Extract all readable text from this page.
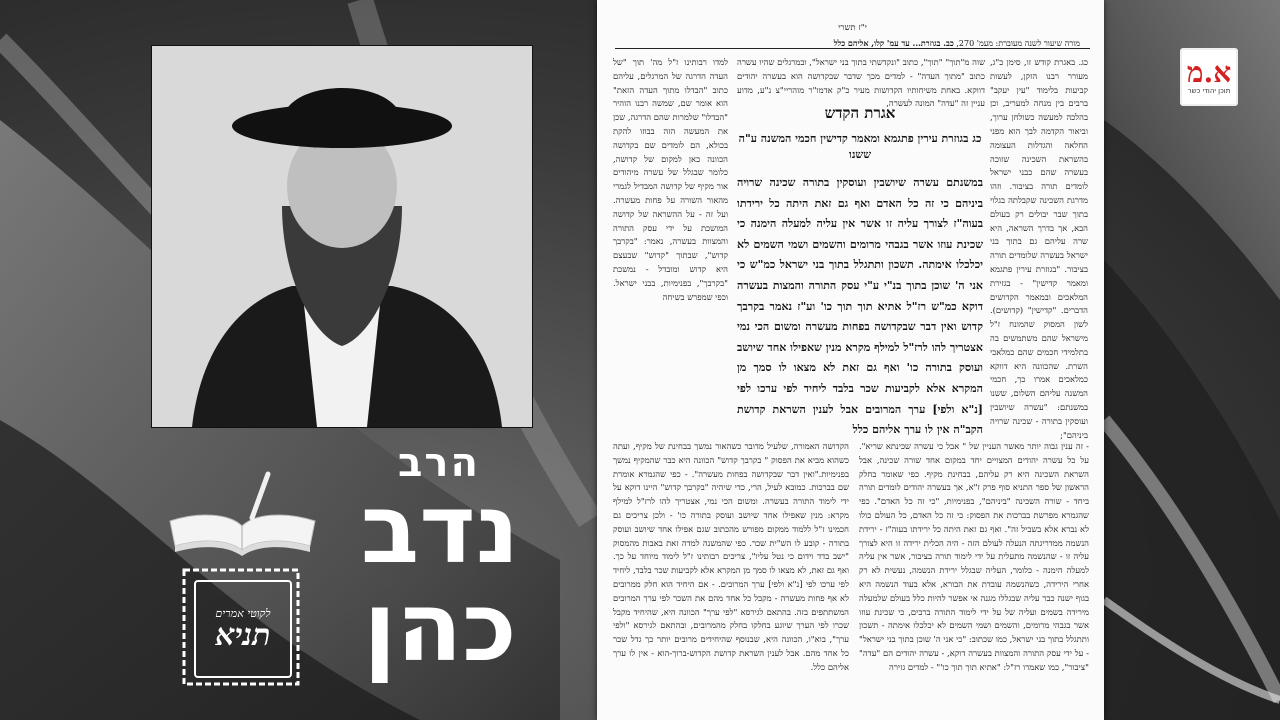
לקוטי אמרים
תניא
הרב
נדב
כהן
י"ז תשרי
מורה שיעור לשנה מעוברת: מעמ' 270, כב. בגוזרת... עד עמ' קלו, אליהם כלל
כג. באגרת קודש זו, סימן כ"ג, מעורר רבנו הזקן, לעשות קביעות בלימוד "עין יעקב" ברבים בין מנחה למעריב, וכן בהלכה למעשה כשולחן ערוך, וביאור הקדמה לבך הוא מפני החלאה והגדלות העצומה בהשראת השכינה שזוכה בעשרה שהם כבני ישראל לומדים תורה בציבור. וזהו מדרגת השכינה שקבלתה בגלוי בתוך שבר יבולים רק בעולם הבא, אך בדרך השראה, היא שרה עליהם גם בתוך בני ישראל בעשרה שלומדים תורה בציבור. "בגוזרת עירין פתגמא ומאמר קדישין" - בגזירת המלאכים ובמאמר הקדושים הדברים. "קדישין" (קדושים). לשון המסוק שהמונח ז"ל מישראל שהם משתמשים בה בתלמידי חכמים שהם כמלאכי השרת. שהכוונה היא דווקא כמלאכים אמרו כך, חכמי המשנה עליהם השלום, ששנו במשנתם: "עשרה שיושבין ועוסקין בתורה - שכינה שרויה ביניהם";
שוה מ"תוך" "תוך", כתוב "ונקדשתי בתוך בני ישראל", ובמרגלים שהיו עשרה כתוב "מתוך העדה" - למדים מכך שדבר שבקדושה הוא בעשרה יהודים דווקא. באחת משיחותיו הקדושות מעיר כ"ק אדמו"ר מוהריי"צ נ"ע, מדוע עניין זה "עדה" המונה לעשרה,
למדו רבותינו ז"ל מה' תוך "של העדה הדרגה של המרגלים, עליהם כתוב "הבדלו מתוך העדה הזאת" הוא אומר שם, שמשה רבנו הוהיר "הבדלו" שלמרות שהם הדרגה, שכן את המעשה הזה בבוזו להקת בכולא, הם לומדים שם בקדושה הכוונה כאן למקום של קדושה, כלומר שבגלל של עשרה מיהודים אור מקיף של קדושה המבדיל לגמרי מהאור השורה על פחות מעשרה. ועל זה - על ההשראה של קדושה המושכת על ידי עסק התורה והמצוות בעשרה, נאמר: "בקרבך קדוש", שבתוך "קדוש" שבעצם היא קדוש ומובדל - נמשכת "בקרבך", בפנימיות, בבני ישראל. וכפי שמפרש בשיחה
אגרת הקדש
כג בגוזרת עירין פתגמא ומאמר קדישין חכמי המשנה ע"ה ששנו
במשנתם עשרה שיושבין ועוסקין בתורה שכינה שרויה ביניהם כי זה כל האדם ואף גם זאת היתה כל ירידתו בעוה"ז לצורך עליה זו אשר אין עליה למעלה הימנה כי שכינת עוזו אשר בגבהי מרומים והשמים ושמי השמים לא יכלכלו אימתה. תשכון ותתגלל בתוך בני ישראל כמ"ש כי אני ה' שוכן בתוך בנ"י ע"י עסק התורה והמצות בעשרה דוקא כמ"ש רז"ל אתיא תוך תוך כו' וע"ז נאמר בקרבך קדוש ואין דבר שבקדושה בפחות מעשרה ומשום הכי נמי אצטריך להו לרז"ל למילף מקרא מנין שאפילו אחד שיושב ועוסק בתורה כו' ואף גם זאת לא מצאו לו סמך מן המקרא אלא לקביעות שכר בלבד ליחיד לפי ערכו לפי [נ"א ולפי] ערך המרובים אבל לענין השראת קדושת הקב"ה אין לו ערך אליהם כלל
- זה ענין גבוה יותר מאשר העניין של " אבל כי עשרה שכינתא שריא". על כל עשרה יהודים המצויים יחד במקום אחד שורה שכינה, אבל השראת השכינה היא רק עליהם, בבחינת מקיף. כפי שאומר בחלק הראשון של ספר התניא סוף פרק ז"א, אך בעשרה יהודים לומדים תורה ביחד - שורה השכינה "ביניהם", בפנימיות, "כי זה כל האדם". כפי שהגמרא מפרשת בברכות את הפסוק: כי זה כל האדם, כל העולם כולו לא נברא אלא בשביל זה". ואף גם זאת היתה כל ירידתו בעוה"ז - ירידת הנשמה ממדריגתה הנעלה לעולם הזה - היה הכלית ירידה זו היא לצורך עליה זו - שהנשמה מתעלית על ידי לימוד תורה בציבור, אשר אין עליה למעלה הימנה - כלומר, העליה שבגלל ירידת הנשמה, נעשית לא רק אחרי הירידה, כשהנשמה עובדת את הבורא, אלא בעוד הנשמה היא בגוף ישנה כבר עליה שבגללו מגנה אי אפשר להיות כלל בעולם שלמעלה מירידה בשמים ועליה של על ידי לימוד התורה ברבים, כי שכינת עוזו אשר בגבהי מרומים, והשמים ושמי השמים לא יכלכלו אימתה - תשכון ותתגלל בתוך בני ישראל, כמו שכתוב: "כי אני ה' שוכן בתוך בני ישראל" - על ידי עסק התורה והמצוות בעשרה דוקא, - עשרה יהודים הם "עדה" "ציבור", כמו שאמרו רז"ל: "אתיא תוך תוך כו'" - למדים גזירה
הקדושה האמורה, שלעיל מדובר כשהאור נמשך בבחינת של מקיף, ועתה כשהוא מביא את הפסוק " בקרבך קדוש" הכוונה היא כבר שהמקיף נמשך בפנימיות."ואין דבר שבקדושה בפחות מעשרה". - כפי שהגמרא אומרת שם בברכות. כמובא לעיל, הרי, כדי שיהיה "בקרבך קדוש" היינו דוקא על ידי לימוד התורה בעשרה. ומשום הכי נמי, אצטריך להו לרז"ל למילף מקרא: מנין שאפילו אחד שיושב ועוסק בתורה כו' - ולכן צריכים גם חכמינו ז"ל ללמוד ממקום מפורש מהכתוב שגם אפילו אחד שיושב ועוסק בתורה - קובע לו הש"ית שכר. כפי שהמשנה למדה זאת באבות מהמסוק "ישב בדד וידום כי נטל עליו", צריכים רבותינו ז"ל לימוד מיוחד על כך. ואף גם זאת, לא מצאו לו סמך מן המקרא אלא לקביעות שכר בלבד, ליחיד לפי ערכו לפי [נ"א ולפי] ערך המרובים. - אם היחיד הוא חלק ממרובים לא אף פחות מעשרה - מקבל כל אחד מהם את השכר לפי ערך המרובים המשתתפים בזה. בהתאם לגירסא "לפי ערך" הכוונה היא, שהיחיד מקבל שכרו לפי הערך שיוגע בחלקו בחלק מהמרובים, ובהתאם לגירסא "ולפי ערך", בוא"ו, הכוונה היא, שבנוסף שהיחידים מרובים יותר כך גדל שכר כל אחד מהם. אבל לענין השראת קדושת הקדוש-ברוך-הוא - אין לו ערך אליהם כלל.
א.מ
תוכן יהודי כשר
